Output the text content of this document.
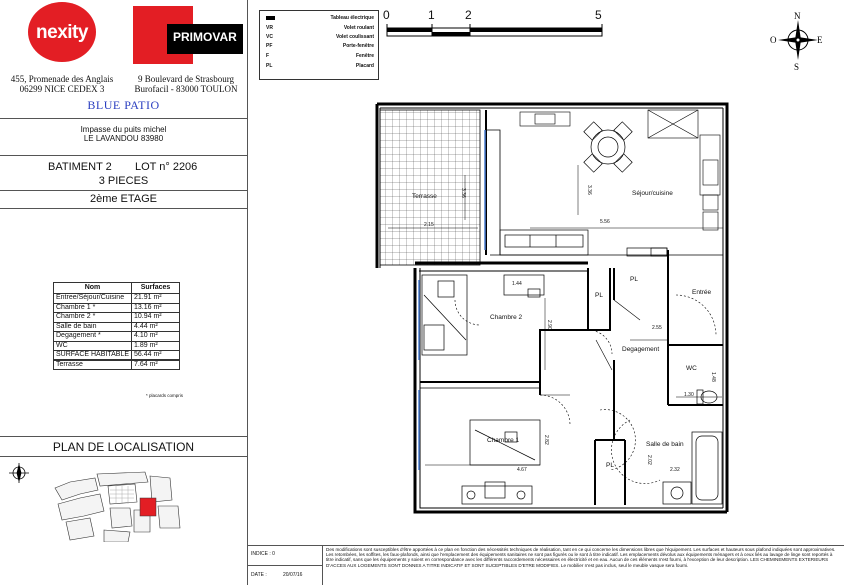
nexity	PRIMOVAR
455, Promenade des Anglais
06299 NICE CEDEX 3
9 Boulevard de Strasbourg
Burofacil - 83000 TOULON
BLUE PATIO
Impasse du puits michel
LE LAVANDOU 83980
BATIMENT 2 LOT n° 2206
3 PIECES
2ème ETAGE
Nom	Surfaces
Entree/Séjour/Cuisine	21.91 m²
Chambre 1 *	13.16 m²
Chambre 2 *	10.94 m²
Salle de bain	4.44 m²
Degagement *	4.10 m²
WC	1.89 m²
SURFACE HABITABLE	56.44 m²
Terrasse	7.64 m²
* placards compris
PLAN DE LOCALISATION
Tableau électrique
VR	Volet roulant
VC	Volet coulissant
PF	Porte-fenêtre
F	Fenêtre
PL	Placard
0	1	2	5	N
S
E
O
Terrasse	Séjour/cuisine
Chambre 2
Entrée
Degagement
WC
Chambre 1
Salle de bain
PL
PL
PL
2.15
3.36	3.36
5.56
2.90
1.44
2.55
1.30
1.48
2.82
4.67
2.02
2.32
INDICE : 0
DATE :	20/07/16
Des modifications sont susceptibles d'être apportées à ce plan en fonction des nécessités techniques de réalisation, tant en ce qui concerne les dimensions libres que l'équipement. Les surfaces et hauteurs sous plafond indiquées sont approximatives. Les retombées, les soffites, les faux-plafonds, ainsi que l'emplacement des équipements sanitaires ne sont pas figurés ou le sont à titre indicatif. Les emplacements dévolus aux équipements ménagers et à ceux liés au lavage de linge sont reportés à titre indicatif, sans que les équipements y soient en correspondance avec les différents raccordements nécessaires en électricité et en eau. Aucun de ces éléments n'est fourni, à l'exception de leur description. LES CHEMINEMENTS EXTERIEURS D'ACCES AUX LOGEMENTS SONT DONNES A TITRE INDICATIF ET SONT SUCEPTIBLES D'ETRE MODIFIES. Le mobilier n'est pas inclus, seul le meuble vasque sera fourni.
